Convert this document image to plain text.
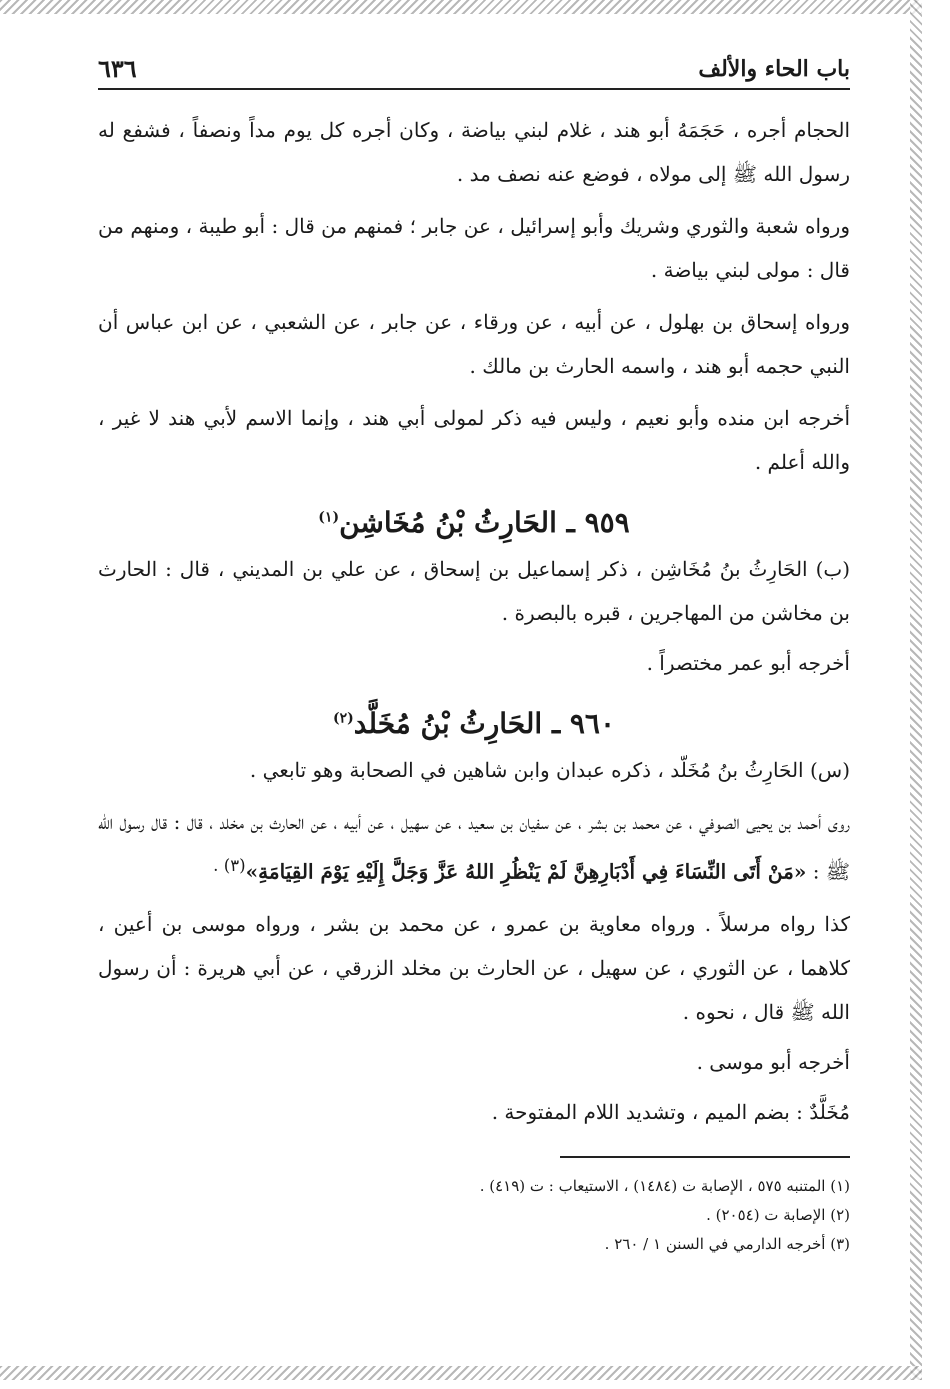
باب الحاء والألف
٦٣٦

الحجام أجره ، حَجَمَهُ أبو هند ، غلام لبني بياضة ، وكان أجره كل يوم مداً ونصفاً ، فشفع له رسول الله ﷺ إلى مولاه ، فوضع عنه نصف مد .

ورواه شعبة والثوري وشريك وأبو إسرائيل ، عن جابر ؛ فمنهم من قال : أبو طيبة ، ومنهم من قال : مولى لبني بياضة .

ورواه إسحاق بن بهلول ، عن أبيه ، عن ورقاء ، عن جابر ، عن الشعبي ، عن ابن عباس أن النبي حجمه أبو هند ، واسمه الحارث بن مالك .

أخرجه ابن منده وأبو نعيم ، وليس فيه ذكر لمولى أبي هند ، وإنما الاسم لأبي هند لا غير ، والله أعلم .

٩٥٩ ـ الحَارِثُ بْنُ مُخَاشِن$^{(١)}$

(ب) الحَارِثُ بنُ مُخَاشِن ، ذكر إسماعيل بن إسحاق ، عن علي بن المديني ، قال : الحارث بن مخاشن من المهاجرين ، قبره بالبصرة .

أخرجه أبو عمر مختصراً .

٩٦٠ ـ الحَارِثُ بْنُ مُخَلَّد$^{(٢)}$

(س) الحَارِثُ بنُ مُخَلّد ، ذكره عبدان وابن شاهين في الصحابة وهو تابعي .

روى أحمد بن يحيى الصوفي ، عن محمد بن بشر ، عن سفيان بن سعيد ، عن سهيل ، عن أبيه ، عن الحارث بن مخلد ، قال : قال رسول الله ﷺ : «مَنْ أَتَى النِّسَاءَ فِي أَدْبَارِهِنَّ لَمْ يَنْظُرِ اللهُ عَزَّ وَجَلَّ إِلَيْهِ يَوْمَ القِيَامَةِ»$^{(٣) .}$

كذا رواه مرسلاً . ورواه معاوية بن عمرو ، عن محمد بن بشر ، ورواه موسى بن أعين ، كلاهما ، عن الثوري ، عن سهيل ، عن الحارث بن مخلد الزرقي ، عن أبي هريرة : أن رسول الله ﷺ قال ، نحوه .

أخرجه أبو موسى .

مُخَلَّدٌ : بضم الميم ، وتشديد اللام المفتوحة .

(١) المتنبه ٥٧٥ ، الإصابة ت (١٤٨٤) ، الاستيعاب : ت (٤١٩) .
(٢) الإصابة ت (٢٠٥٤) .
(٣) أخرجه الدارمي في السنن ١ / ٢٦٠ .
